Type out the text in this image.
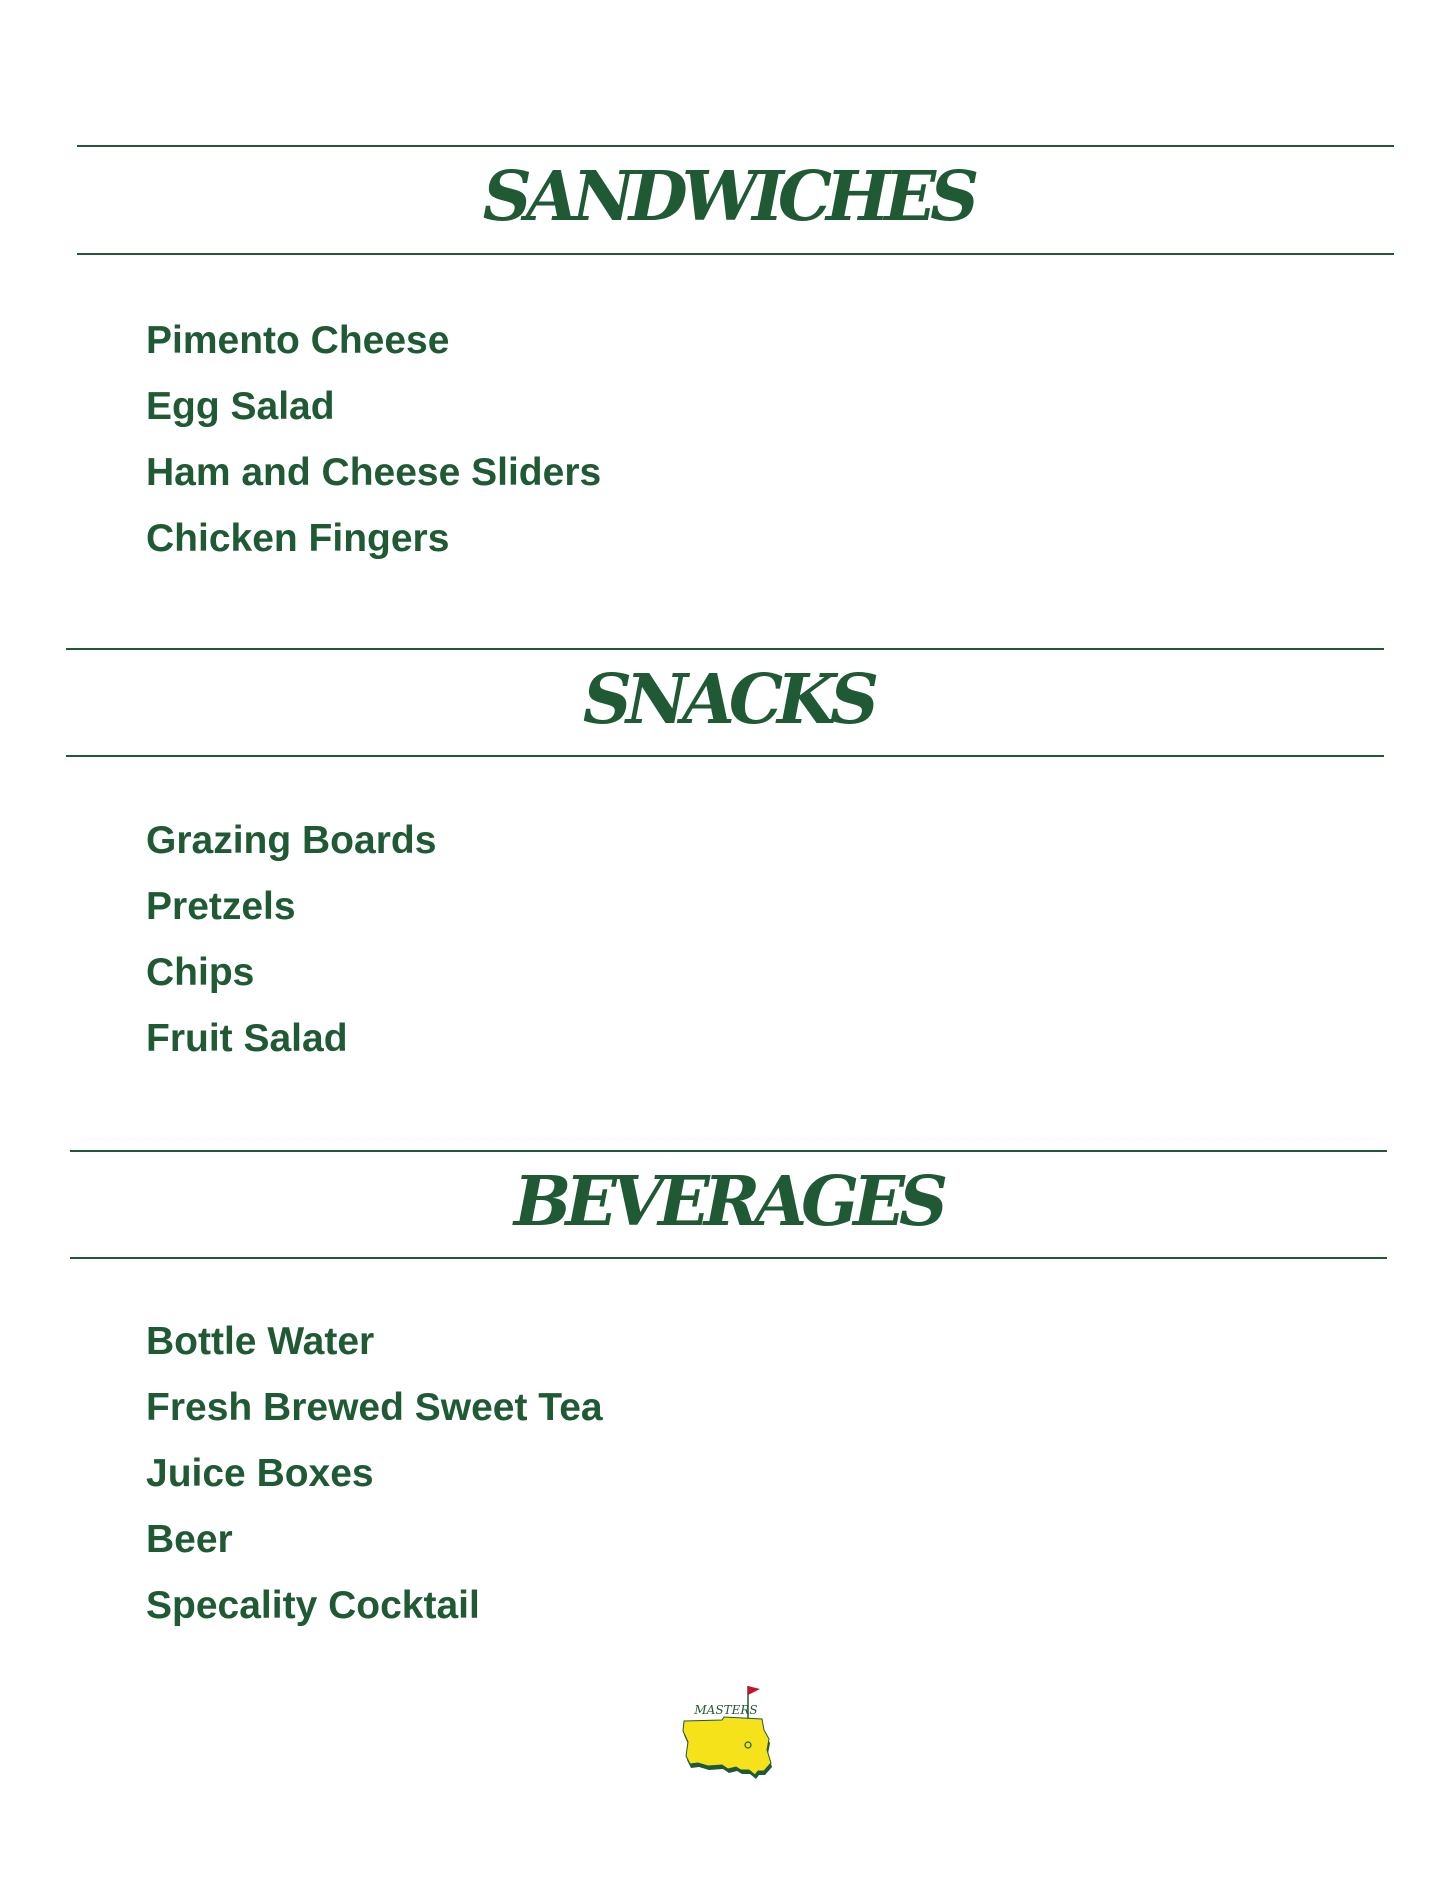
SANDWICHES
Pimento Cheese
Egg Salad
Ham and Cheese Sliders
Chicken Fingers
SNACKS
Grazing Boards
Pretzels
Chips
Fruit Salad
BEVERAGES
Bottle Water
Fresh Brewed Sweet Tea
Juice Boxes
Beer
Specality Cocktail
MASTERS
